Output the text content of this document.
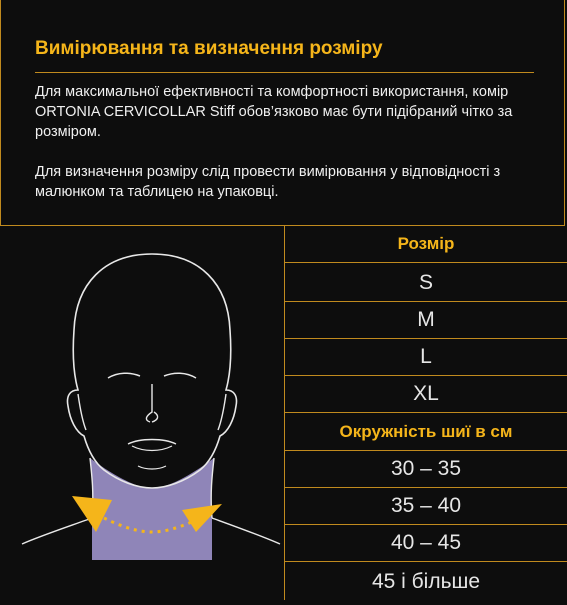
Вимірювання та визначення розміру
Для максимальної ефективності та комфортності використання, комір ORTONIA CERVICOLLAR Stiff обов’язково має бути підібраний чітко за розміром.
Для визначення розміру слід провести вимірювання у відповідності з малюнком та таблицею на упаковці.
Розмір
S
M
L
XL
Окружність шиї в см
30 – 35
35 – 40
40 – 45
45 і більше
